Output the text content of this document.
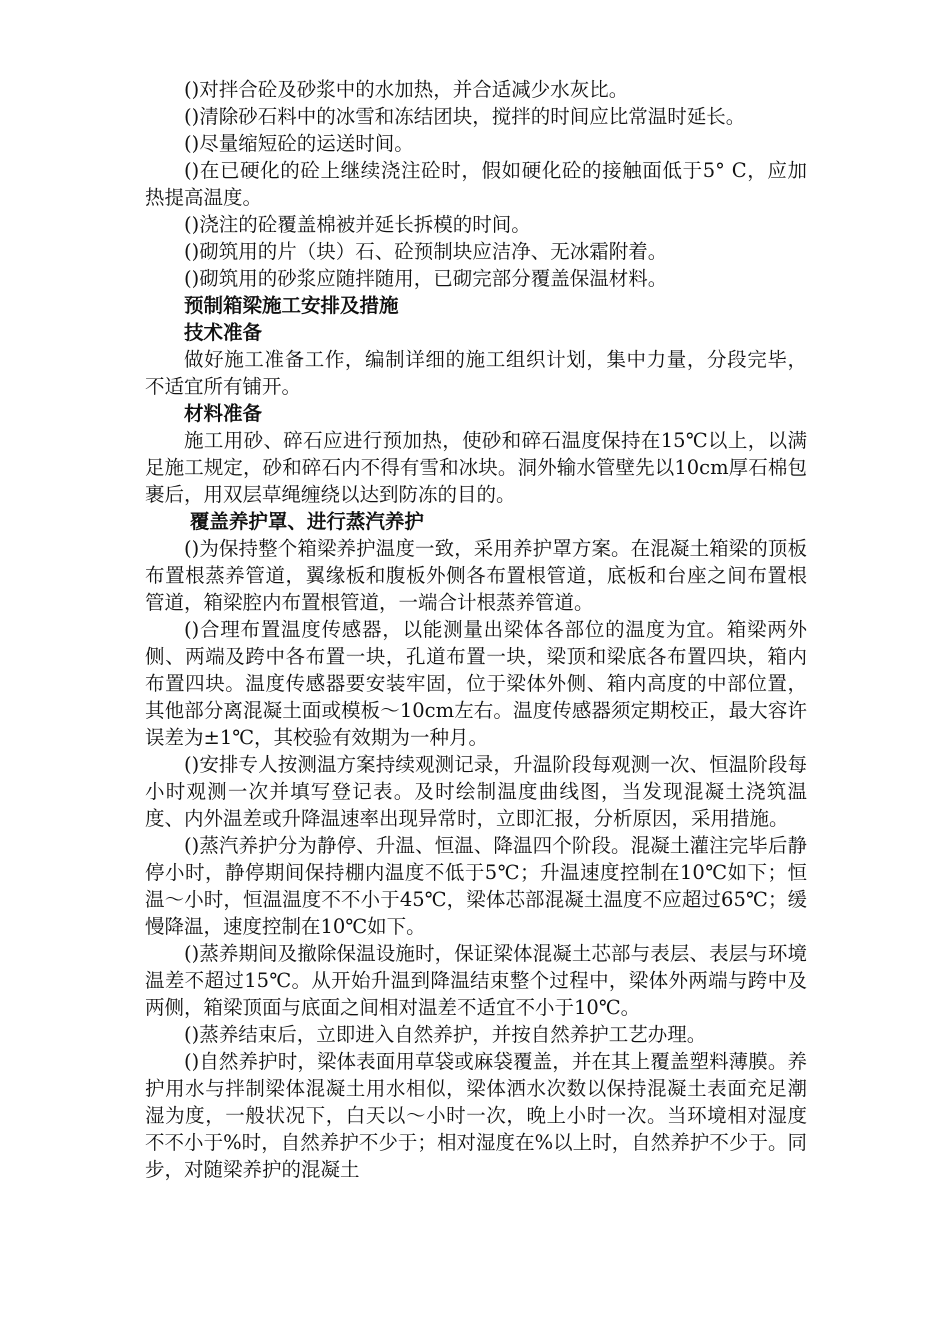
()对拌合砼及砂浆中的水加热，并合适减少水灰比。

()清除砂石料中的冰雪和冻结团块，搅拌的时间应比常温时延长。

()尽量缩短砼的运送时间。

()在已硬化的砼上继续浇注砼时，假如硬化砼的接触面低于5° C，应加热提高温度。

()浇注的砼覆盖棉被并延长拆模的时间。

()砌筑用的片（块）石、砼预制块应洁净、无冰霜附着。

()砌筑用的砂浆应随拌随用，已砌完部分覆盖保温材料。

预制箱梁施工安排及措施

技术准备

做好施工准备工作，编制详细的施工组织计划，集中力量，分段完毕，不适宜所有铺开。

材料准备

施工用砂、碎石应进行预加热，使砂和碎石温度保持在15℃以上，以满足施工规定，砂和碎石内不得有雪和冰块。洞外输水管壁先以10cm厚石棉包裹后，用双层草绳缠绕以达到防冻的目的。

覆盖养护罩、进行蒸汽养护

()为保持整个箱梁养护温度一致，采用养护罩方案。在混凝土箱梁的顶板布置根蒸养管道，翼缘板和腹板外侧各布置根管道，底板和台座之间布置根管道，箱梁腔内布置根管道，一端合计根蒸养管道。

()合理布置温度传感器，以能测量出梁体各部位的温度为宜。箱梁两外侧、两端及跨中各布置一块，孔道布置一块，梁顶和梁底各布置四块，箱内布置四块。温度传感器要安装牢固，位于梁体外侧、箱内高度的中部位置，其他部分离混凝土面或模板～10cm左右。温度传感器须定期校正，最大容许误差为±1℃，其校验有效期为一种月。

()安排专人按测温方案持续观测记录，升温阶段每观测一次、恒温阶段每小时观测一次并填写登记表。及时绘制温度曲线图，当发现混凝土浇筑温度、内外温差或升降温速率出现异常时，立即汇报，分析原因，采用措施。

()蒸汽养护分为静停、升温、恒温、降温四个阶段。混凝土灌注完毕后静停小时，静停期间保持棚内温度不低于5℃；升温速度控制在10℃如下；恒温～小时，恒温温度不不小于45℃，梁体芯部混凝土温度不应超过65℃；缓慢降温，速度控制在10℃如下。

()蒸养期间及撤除保温设施时，保证梁体混凝土芯部与表层、表层与环境温差不超过15℃。从开始升温到降温结束整个过程中，梁体外两端与跨中及两侧，箱梁顶面与底面之间相对温差不适宜不小于10℃。

()蒸养结束后，立即进入自然养护，并按自然养护工艺办理。

()自然养护时，梁体表面用草袋或麻袋覆盖，并在其上覆盖塑料薄膜。养护用水与拌制梁体混凝土用水相似，梁体洒水次数以保持混凝土表面充足潮湿为度，一般状况下，白天以～小时一次，晚上小时一次。当环境相对湿度不不小于%时，自然养护不少于；相对湿度在%以上时，自然养护不少于。同步，对随梁养护的混凝土
